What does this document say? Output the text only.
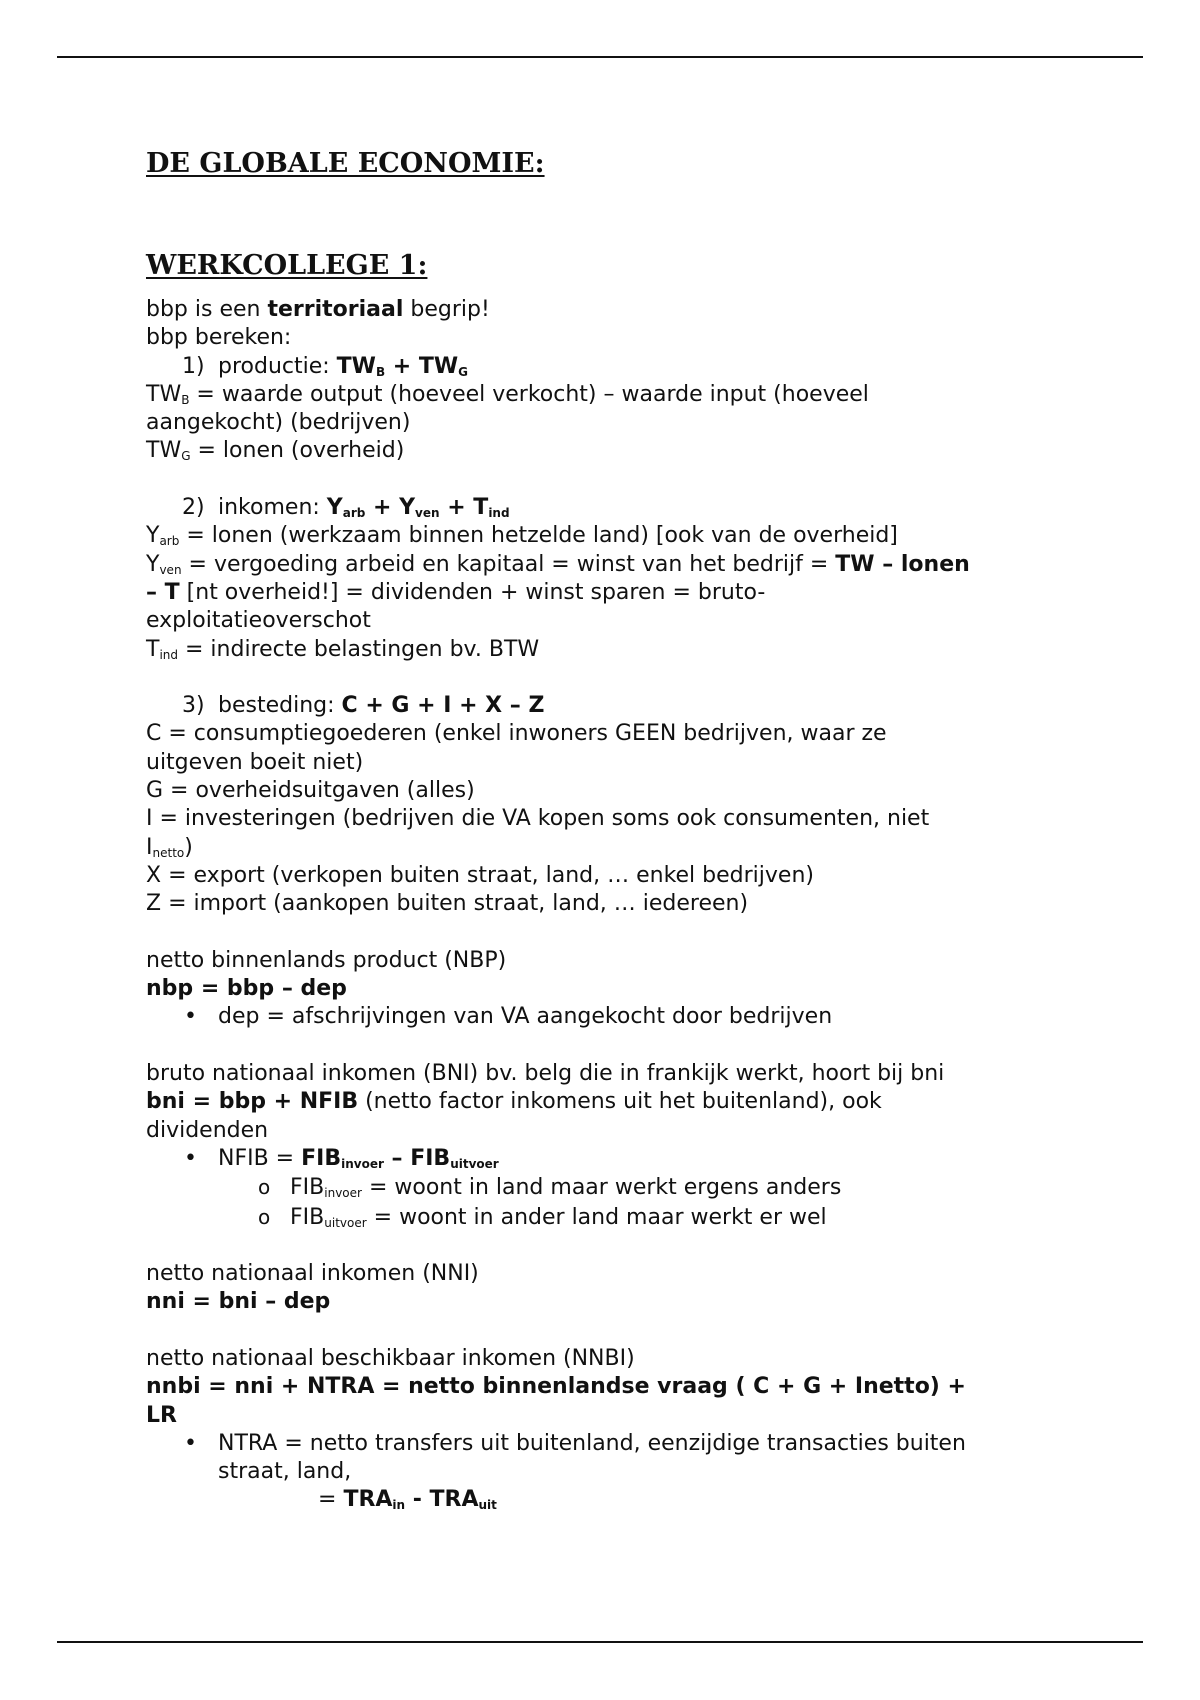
DE GLOBALE ECONOMIE:
WERKCOLLEGE 1:
bbp is een territoriaal begrip!
bbp bereken:
1) productie: $TW_B + TW_G$
$TW_B$ = waarde output (hoeveel verkocht) – waarde input (hoeveel
aangekocht) (bedrijven)
$TW_G$ = lonen (overheid)
2) inkomen: $Y_{arb} + Y_{ven} + T_{ind}$
$Y_{arb}$ = lonen (werkzaam binnen hetzelde land) [ook van de overheid]
$Y_{ven}$ = vergoeding arbeid en kapitaal = winst van het bedrijf = TW – lonen
– T [nt overheid!] = dividenden + winst sparen = bruto-
exploitatieoverschot
$T_{ind}$ = indirecte belastingen bv. BTW
3) besteding: C + G + I + X – Z
C = consumptiegoederen (enkel inwoners GEEN bedrijven, waar ze
uitgeven boeit niet)
G = overheidsuitgaven (alles)
I = investeringen (bedrijven die VA kopen soms ook consumenten, niet
$I_{netto}$)
X = export (verkopen buiten straat, land, … enkel bedrijven)
Z = import (aankopen buiten straat, land, … iedereen)
netto binnenlands product (NBP)
nbp = bbp – dep
• dep = afschrijvingen van VA aangekocht door bedrijven
bruto nationaal inkomen (BNI) bv. belg die in frankijk werkt, hoort bij bni
bni = bbp + NFIB (netto factor inkomens uit het buitenland), ook
dividenden
• NFIB = $FIB_{invoer} - FIB_{uitvoer}$
o $FIB_{invoer}$ = woont in land maar werkt ergens anders
o $FIB_{uitvoer}$ = woont in ander land maar werkt er wel
netto nationaal inkomen (NNI)
nni = bni – dep
netto nationaal beschikbaar inkomen (NNBI)
nnbi = nni + NTRA = netto binnenlandse vraag ( C + G + Inetto) +
LR
• NTRA = netto transfers uit buitenland, eenzijdige transacties buiten
straat, land,
= $TRA_{in} - TRA_{uit}$
